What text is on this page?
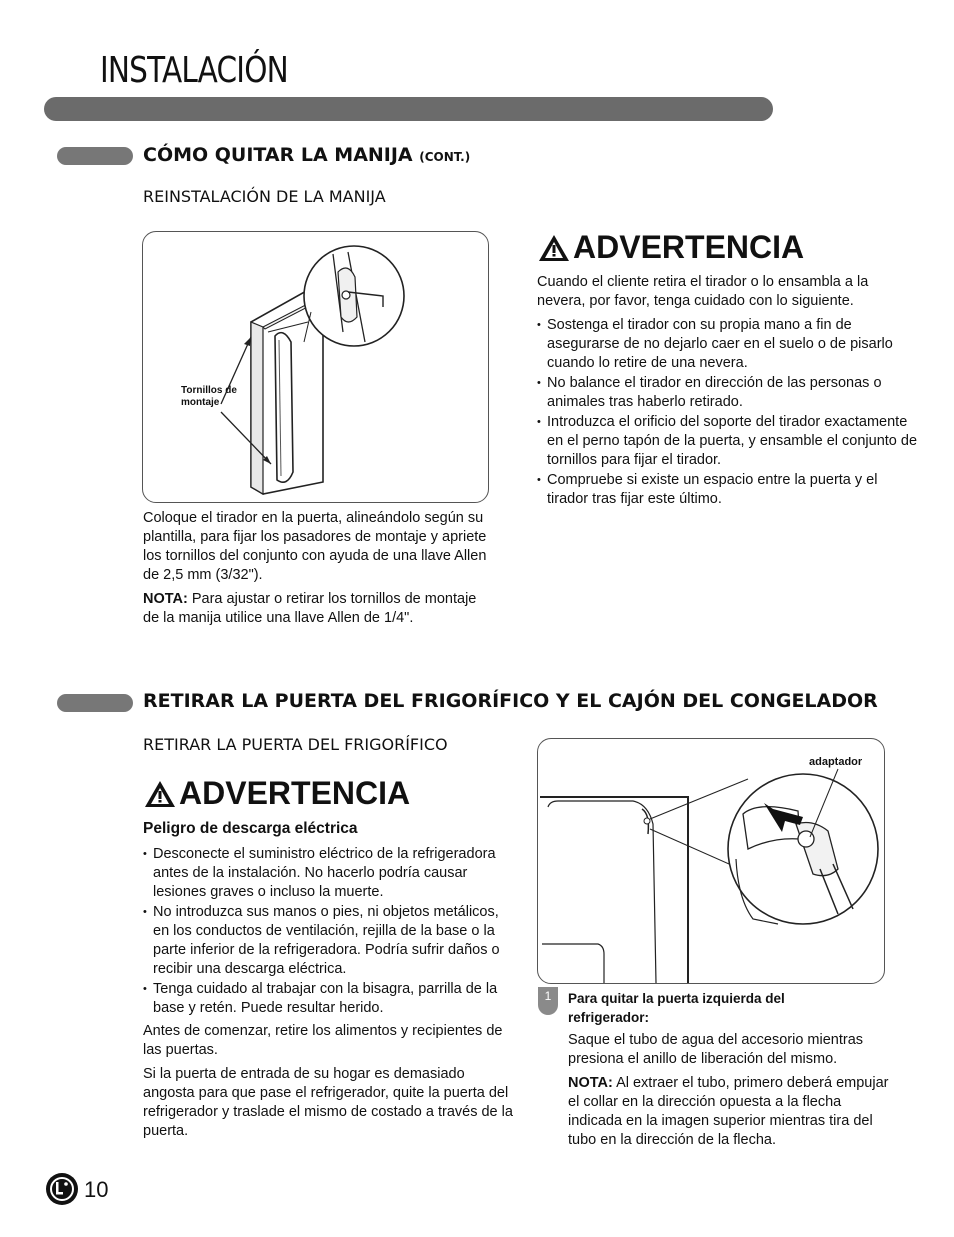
INSTALACIÓN
CÓMO QUITAR LA MANIJA (CONT.)
REINSTALACIÓN DE LA MANIJA
Tornillos de
montaje

Coloque el tirador en la puerta, alineándolo según su plantilla, para fijar los pasadores de montaje y apriete los tornillos del conjunto con ayuda de una llave Allen de 2,5 mm (3/32").

NOTA: Para ajustar o retirar los tornillos de montaje de la manija utilice una llave Allen de 1/4".

ADVERTENCIA

Cuando el cliente retira el tirador o lo ensambla a la nevera, por favor, tenga cuidado con lo siguiente.

• Sostenga el tirador con su propia mano a fin de asegurarse de no dejarlo caer en el suelo o de pisarlo cuando lo retire de una nevera.
• No balance el tirador en dirección de las personas o animales tras haberlo retirado.
• Introduzca el orificio del soporte del tirador exactamente en el perno tapón de la puerta, y ensamble el conjunto de tornillos para fijar el tirador.
• Compruebe si existe un espacio entre la puerta y el tirador tras fijar este último.
RETIRAR LA PUERTA DEL FRIGORÍFICO Y EL CAJÓN DEL CONGELADOR
RETIRAR LA PUERTA DEL FRIGORÍFICO
ADVERTENCIA
Peligro de descarga eléctrica
• Desconecte el suministro eléctrico de la refrigeradora antes de la instalación. No hacerlo podría causar lesiones graves o incluso la muerte.
• No introduzca sus manos o pies, ni objetos metálicos, en los conductos de ventilación, rejilla de la base o la parte inferior de la refrigeradora. Podría sufrir daños o recibir una descarga eléctrica.
• Tenga cuidado al trabajar con la bisagra, parrilla de la base y retén. Puede resultar herido.

Antes de comenzar, retire los alimentos y recipientes de las puertas.

Si la puerta de entrada de su hogar es demasiado angosta para que pase el refrigerador, quite la puerta del refrigerador y traslade el mismo de costado a través de la puerta.

adaptador
1	Para quitar la puerta izquierda del refrigerador:

Saque el tubo de agua del accesorio mientras presiona el anillo de liberación del mismo.

NOTA: Al extraer el tubo, primero deberá empujar el collar en la dirección opuesta a la flecha indicada en la imagen superior mientras tira del tubo en la dirección de la flecha.

10
